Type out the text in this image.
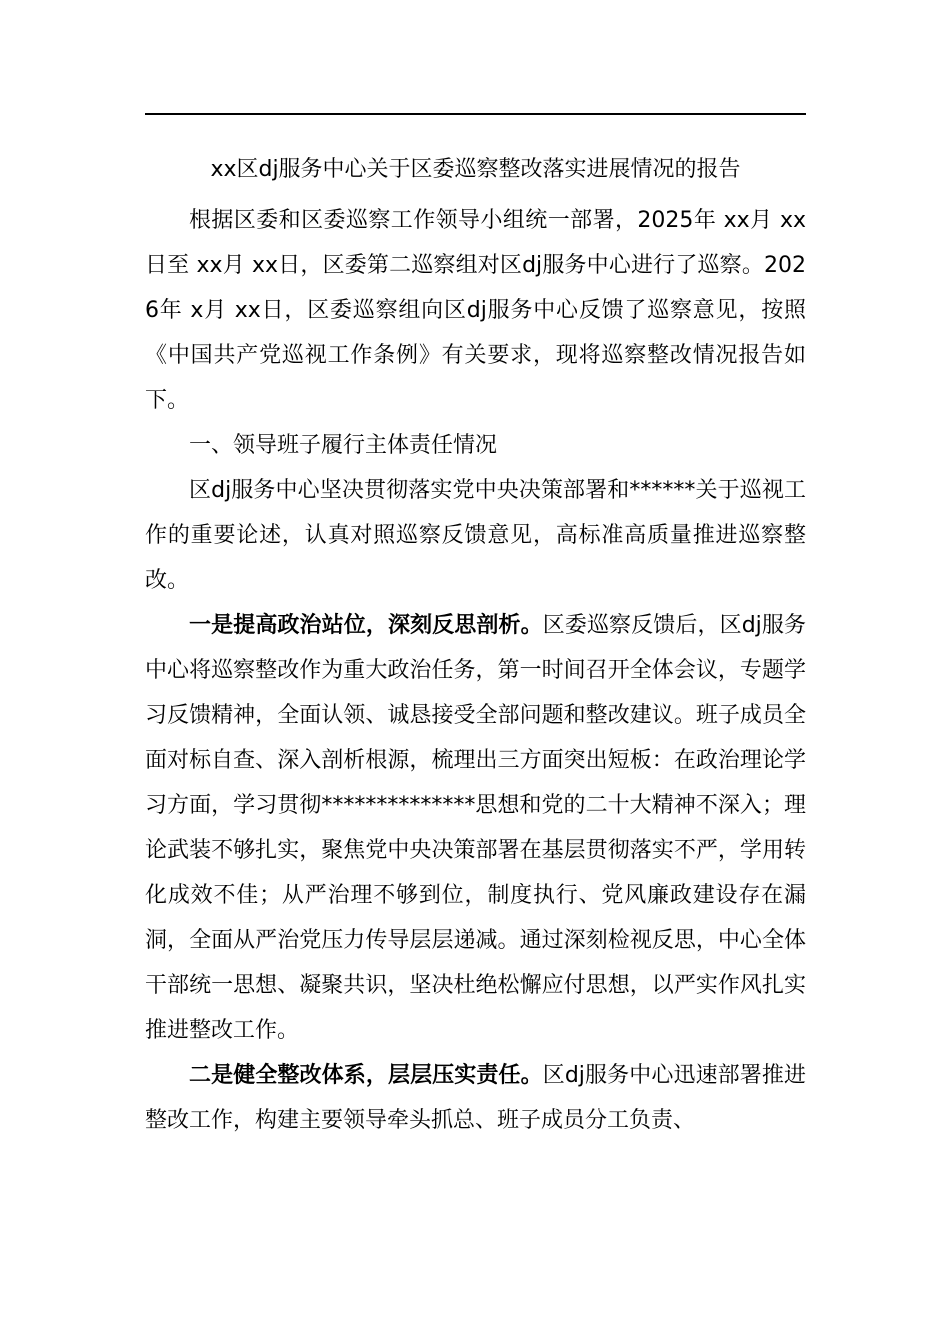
xx区dj服务中心关于区委巡察整改落实进展情况的报告

根据区委和区委巡察工作领导小组统一部署，2025年 xx月 xx日至 xx月 xx日，区委第二巡察组对区dj服务中心进行了巡察。2026年 x月 xx日，区委巡察组向区dj服务中心反馈了巡察意见，按照《中国共产党巡视工作条例》有关要求，现将巡察整改情况报告如下。

一、领导班子履行主体责任情况

区dj服务中心坚决贯彻落实党中央决策部署和******关于巡视工作的重要论述，认真对照巡察反馈意见，高标准高质量推进巡察整改。

一是提高政治站位，深刻反思剖析。区委巡察反馈后，区dj服务中心将巡察整改作为重大政治任务，第一时间召开全体会议，专题学习反馈精神，全面认领、诚恳接受全部问题和整改建议。班子成员全面对标自查、深入剖析根源，梳理出三方面突出短板：在政治理论学习方面，学习贯彻**************思想和党的二十大精神不深入；理论武装不够扎实，聚焦党中央决策部署在基层贯彻落实不严，学用转化成效不佳；从严治理不够到位，制度执行、党风廉政建设存在漏洞，全面从严治党压力传导层层递减。通过深刻检视反思，中心全体干部统一思想、凝聚共识，坚决杜绝松懈应付思想，以严实作风扎实推进整改工作。

二是健全整改体系，层层压实责任。区dj服务中心迅速部署推进整改工作，构建主要领导牵头抓总、班子成员分工负责、
